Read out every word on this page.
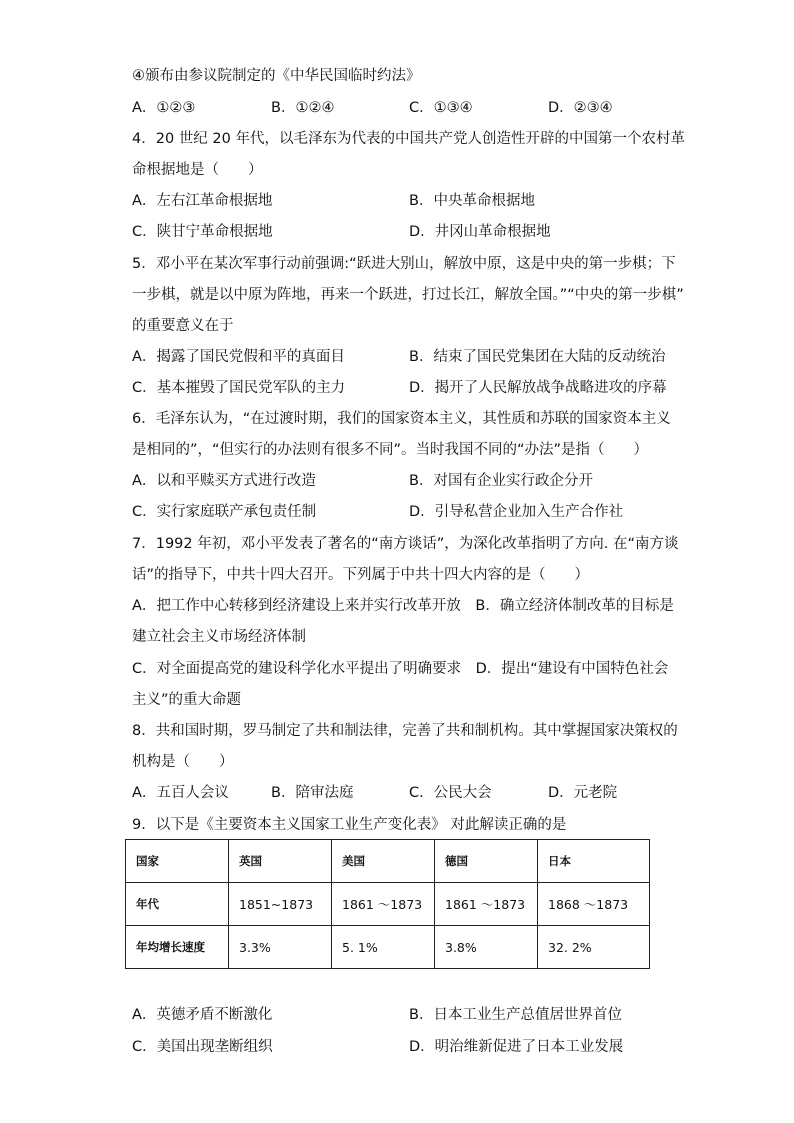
④颁布由参议院制定的《中华民国临时约法》
A．①②③	B．①②④	C．①③④	D．②③④
4．20 世纪 20 年代，以毛泽东为代表的中国共产党人创造性开辟的中国第一个农村革
命根据地是（　　）
A．左右江革命根据地	B．中央革命根据地
C．陕甘宁革命根据地	D．井冈山革命根据地
5．邓小平在某次军事行动前强调:“跃进大别山，解放中原，这是中央的第一步棋；下
一步棋，就是以中原为阵地，再来一个跃进，打过长江，解放全国。”“中央的第一步棋”
的重要意义在于
A．揭露了国民党假和平的真面目	B．结束了国民党集团在大陆的反动统治
C．基本摧毁了国民党军队的主力	D．揭开了人民解放战争战略进攻的序幕
6．毛泽东认为，“在过渡时期，我们的国家资本主义，其性质和苏联的国家资本主义
是相同的”，“但实行的办法则有很多不同”。当时我国不同的“办法”是指（　　）
A．以和平赎买方式进行改造	B．对国有企业实行政企分开
C．实行家庭联产承包责任制	D．引导私营企业加入生产合作社
7．1992 年初，邓小平发表了著名的“南方谈话”，为深化改革指明了方向. 在“南方谈
话”的指导下，中共十四大召开。下列属于中共十四大内容的是（　　）
A．把工作中心转移到经济建设上来并实行改革开放　B．确立经济体制改革的目标是
建立社会主义市场经济体制
C．对全面提高党的建设科学化水平提出了明确要求　D．提出“建设有中国特色社会
主义”的重大命题
8．共和国时期，罗马制定了共和制法律，完善了共和制机构。其中掌握国家决策权的
机构是（　　）
A．五百人会议	B．陪审法庭	C．公民大会	D．元老院
9．以下是《主要资本主义国家工业生产变化表》 对此解读正确的是
国家	英国	美国	德国	日本
年代	1851~1873	1861 ～1873	1861 ～1873	1868 ～1873
年均增长速度	3.3%	5. 1%	3.8%	32. 2%
A．英德矛盾不断激化	B．日本工业生产总值居世界首位
C．美国出现垄断组织	D．明治维新促进了日本工业发展
